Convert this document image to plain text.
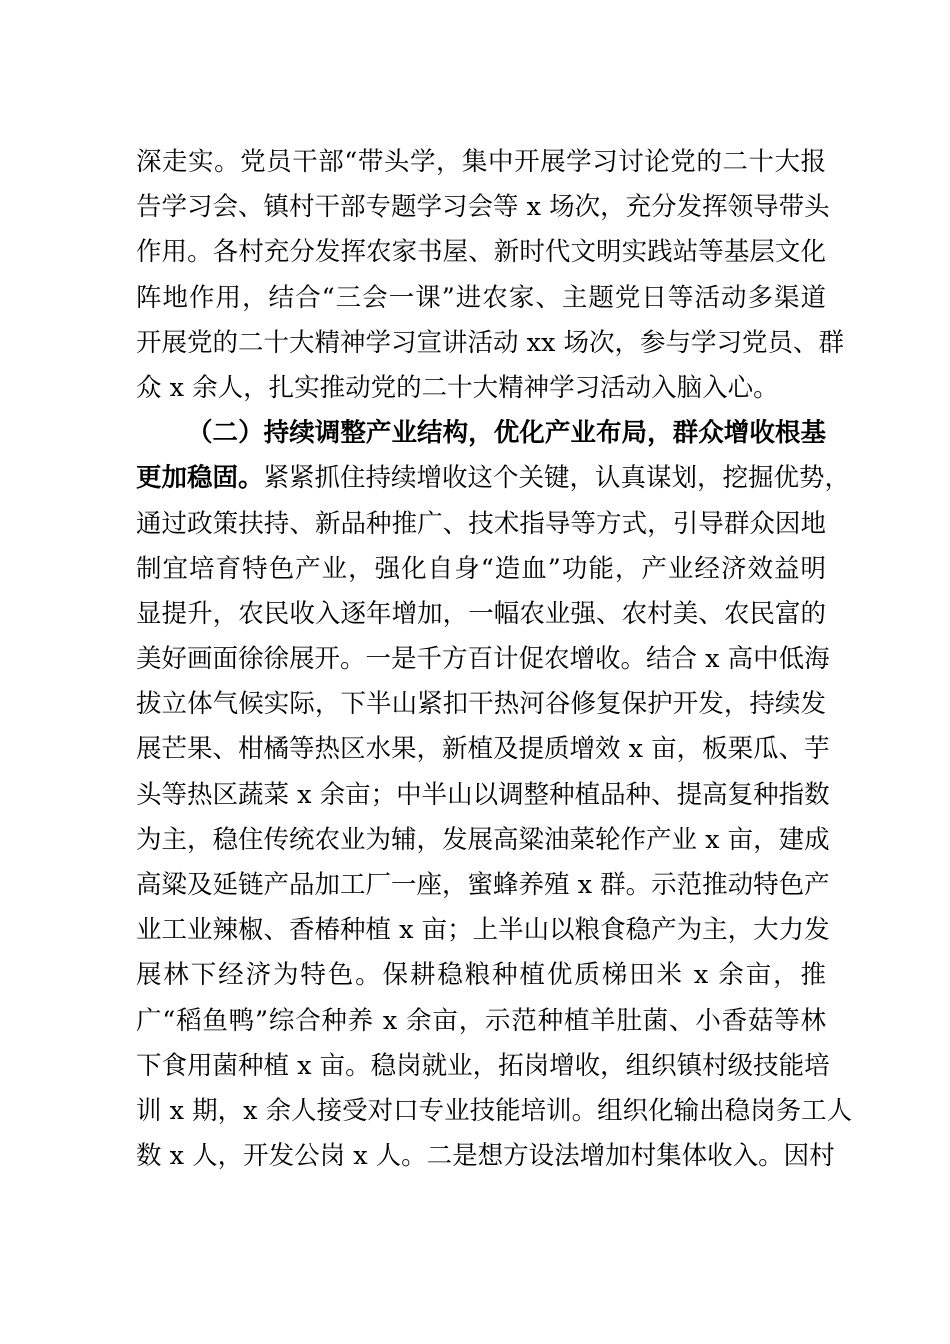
深走实。党员干部“带头学，集中开展学习讨论党的二十大报
告学习会、镇村干部专题学习会等 x 场次，充分发挥领导带头
作用。各村充分发挥农家书屋、新时代文明实践站等基层文化
阵地作用，结合“三会一课”进农家、主题党日等活动多渠道
开展党的二十大精神学习宣讲活动 xx 场次，参与学习党员、群
众 x 余人，扎实推动党的二十大精神学习活动入脑入心。
（二）持续调整产业结构，优化产业布局，群众增收根基
更加稳固。紧紧抓住持续增收这个关键，认真谋划，挖掘优势，
通过政策扶持、新品种推广、技术指导等方式，引导群众因地
制宜培育特色产业，强化自身“造血”功能，产业经济效益明
显提升，农民收入逐年增加，一幅农业强、农村美、农民富的
美好画面徐徐展开。一是千方百计促农增收。结合 x 高中低海
拔立体气候实际，下半山紧扣干热河谷修复保护开发，持续发
展芒果、柑橘等热区水果，新植及提质增效 x 亩，板栗瓜、芋
头等热区蔬菜 x 余亩；中半山以调整种植品种、提高复种指数
为主，稳住传统农业为辅，发展高粱油菜轮作产业 x 亩，建成
高粱及延链产品加工厂一座，蜜蜂养殖 x 群。示范推动特色产
业工业辣椒、香椿种植 x 亩；上半山以粮食稳产为主，大力发
展林下经济为特色。保耕稳粮种植优质梯田米 x 余亩，推
广“稻鱼鸭”综合种养 x 余亩，示范种植羊肚菌、小香菇等林
下食用菌种植 x 亩。稳岗就业，拓岗增收，组织镇村级技能培
训 x 期，x 余人接受对口专业技能培训。组织化输出稳岗务工人
数 x 人，开发公岗 x 人。二是想方设法增加村集体收入。因村
